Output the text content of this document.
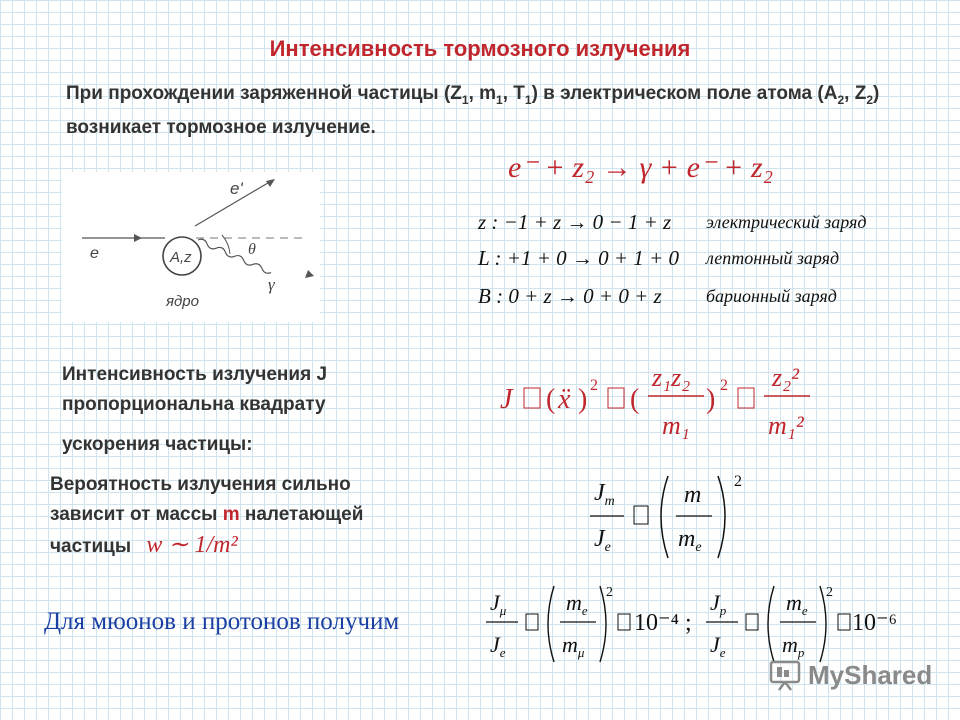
Интенсивность тормозного излучения
При прохождении заряженной частицы ($Z_1$, $m_1$, $T_1$) в электрическом поле атома ($A_2$, $Z_2$) возникает тормозное излучение.
A,z
e'
e	θ
γ
ядро
e⁻ + z₂ → γ + e⁻ + z₂
z : −1 + z → 0 − 1 + z электрический заряд
L : +1 + 0 → 0 + 1 + 0 лептонный заряд
B : 0 + z → 0 + 0 + z барионный заряд
Интенсивность излучения J
пропорциональна квадрату
ускорения частицы:
J ( ẍ ) 2 (
z₁z₂
m₁
) 2 z₂²
m₁²
Вероятность излучения сильно
зависит от массы m налетающей
частицы w ∼ 1/m²
$J_m$
$J_e$
m
$m_e$
2
Для мюонов и протонов получим
$J_\mu$
$J_e$
$m_e$
$m_\mu$
2
10⁻⁴ ;
$J_p$
$J_e$
$m_e$
$m_p$
2
10⁻⁶
MyShared
